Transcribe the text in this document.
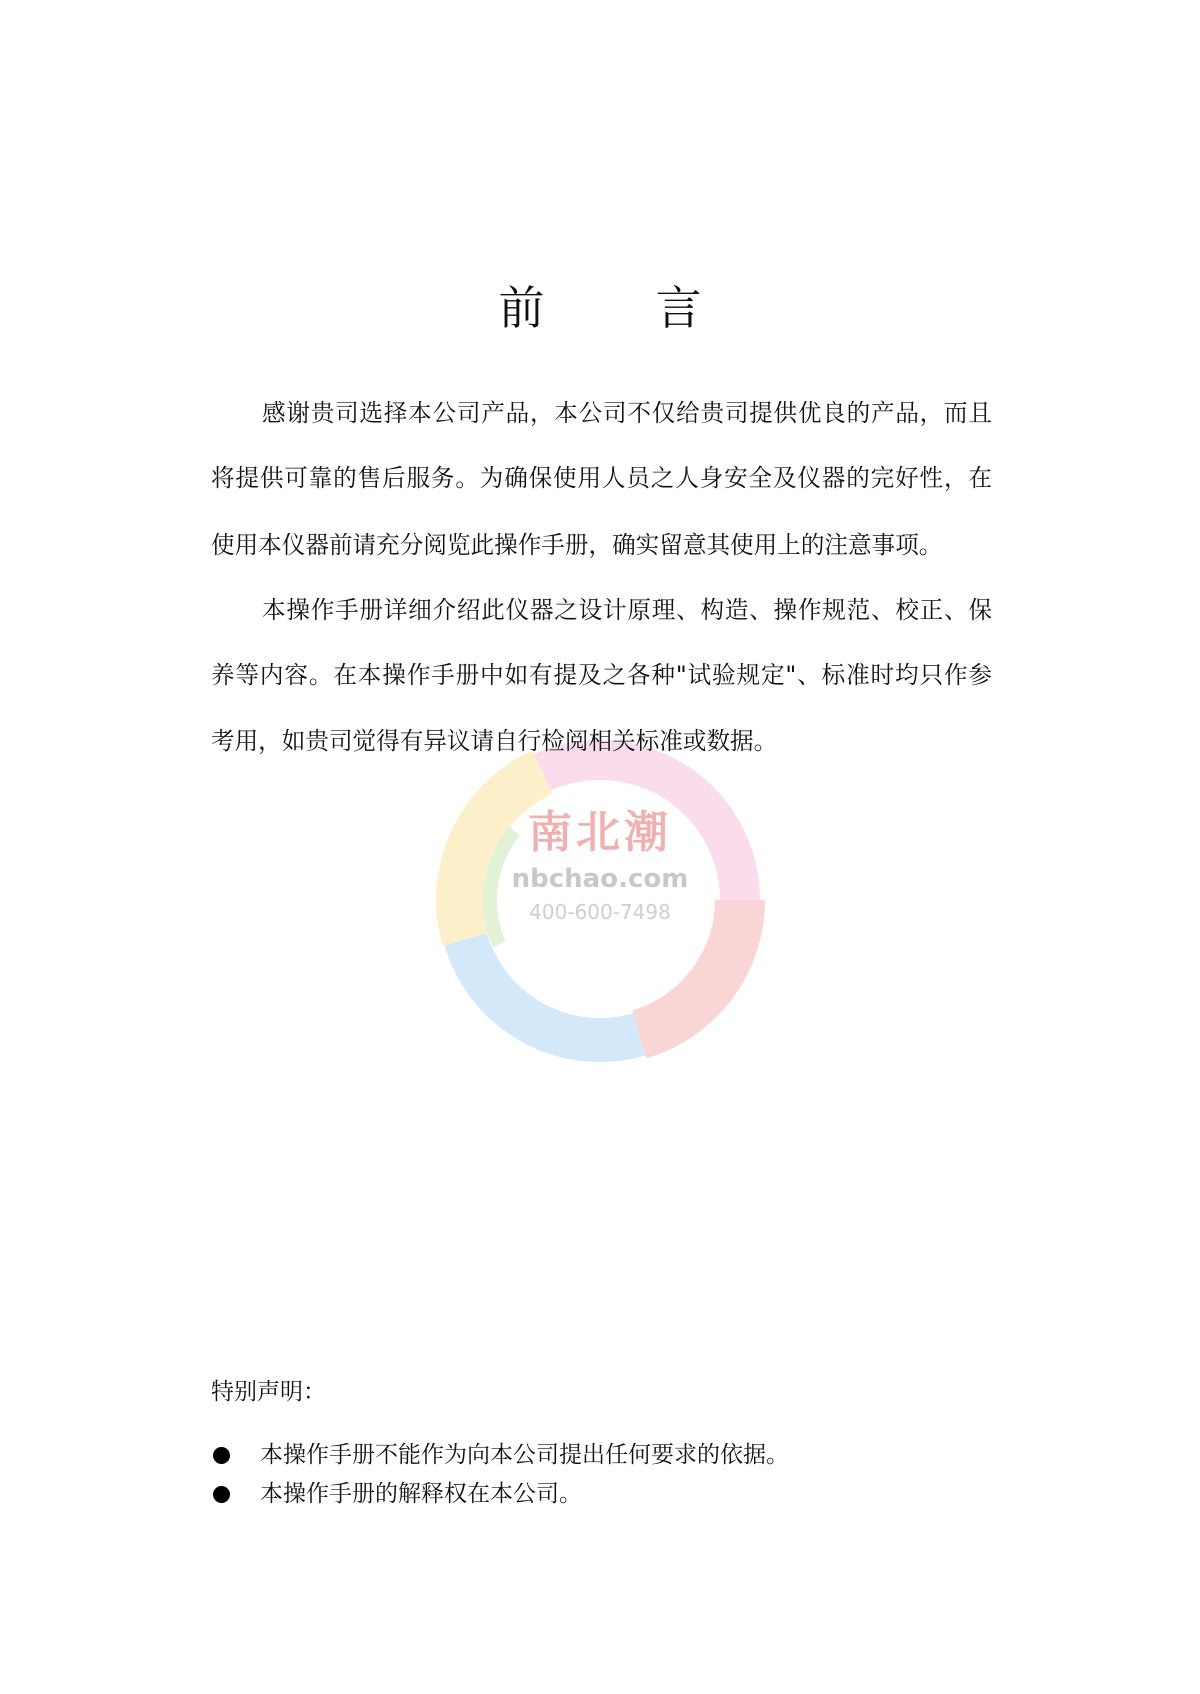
南北潮
nbchao.com
400-600-7498
前 言
感谢贵司选择本公司产品，本公司不仅给贵司提供优良的产品，而且
将提供可靠的售后服务。为确保使用人员之人身安全及仪器的完好性，在
使用本仪器前请充分阅览此操作手册，确实留意其使用上的注意事项。
本操作手册详细介绍此仪器之设计原理、构造、操作规范、校正、保
养等内容。在本操作手册中如有提及之各种"试验规定"、标准时均只作参
考用，如贵司觉得有异议请自行检阅相关标准或数据。
特别声明：
本操作手册不能作为向本公司提出任何要求的依据。
本操作手册的解释权在本公司。
